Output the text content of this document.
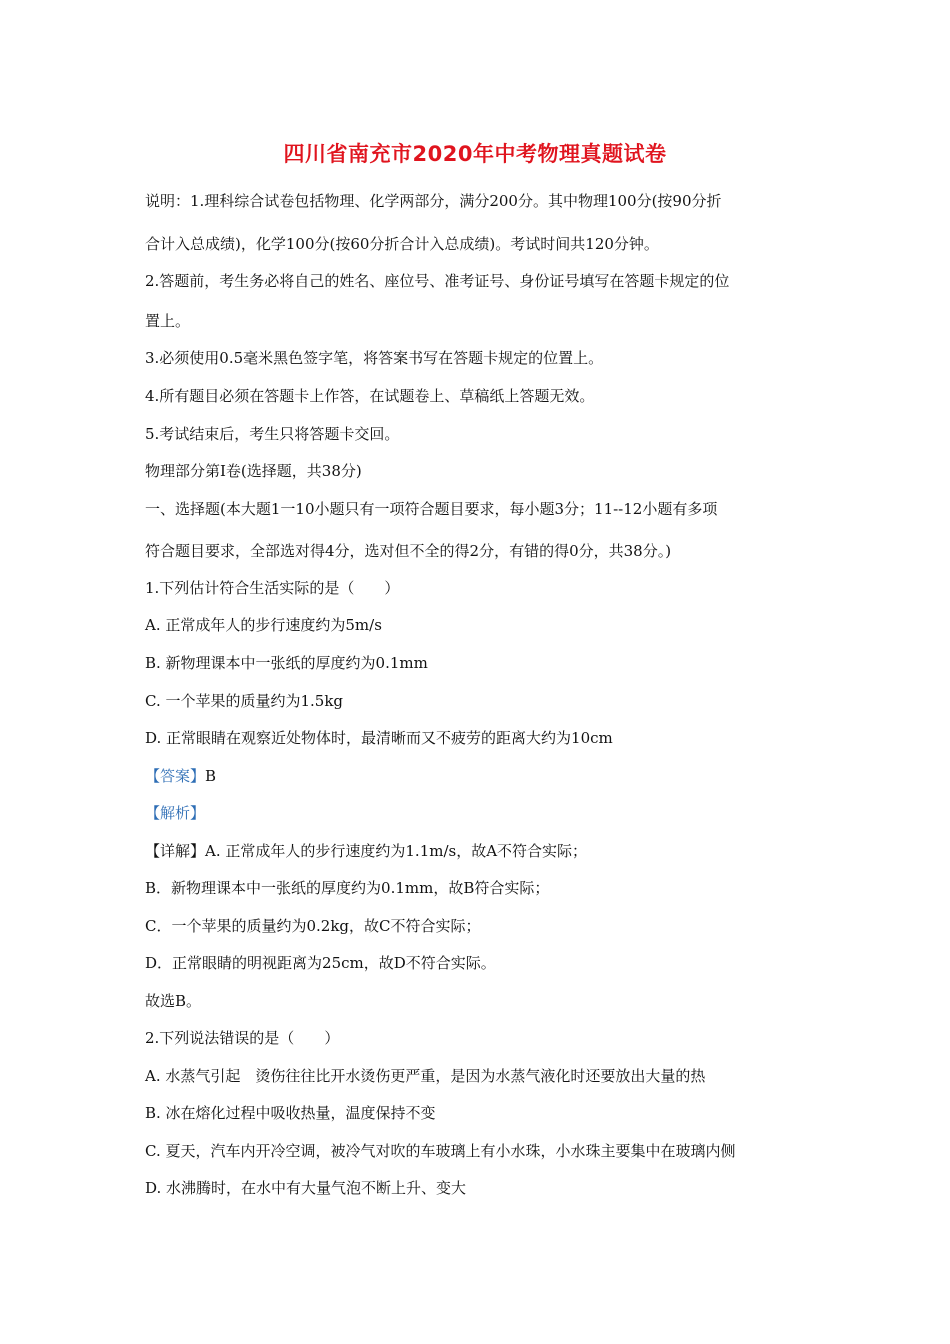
四川省南充市2020年中考物理真题试卷
说明：1.理科综合试卷包括物理、化学两部分，满分200分。其中物理100分(按90分折
合计入总成绩)，化学100分(按60分折合计入总成绩)。考试时间共120分钟。
2.答题前，考生务必将自己的姓名、座位号、准考证号、身份证号填写在答题卡规定的位
置上。
3.必须使用0.5毫米黑色签字笔，将答案书写在答题卡规定的位置上。
4.所有题目必须在答题卡上作答，在试题卷上、草稿纸上答题无效。
5.考试结束后，考生只将答题卡交回。
物理部分第Ⅰ卷(选择题，共38分)
一、选择题(本大题1一10小题只有一项符合题目要求，每小题3分；11--12小题有多项
符合题目要求，全部选对得4分，选对但不全的得2分，有错的得0分，共38分。)
1.下列估计符合生活实际的是（　　）
A. 正常成年人的步行速度约为5m/s
B. 新物理课本中一张纸的厚度约为0.1mm
C. 一个苹果的质量约为1.5kg
D. 正常眼睛在观察近处物体时，最清晰而又不疲劳的距离大约为10cm
【答案】B
【解析】
【详解】A. 正常成年人的步行速度约为1.1m/s，故A不符合实际；
B．新物理课本中一张纸的厚度约为0.1mm，故B符合实际；
C．一个苹果的质量约为0.2kg，故C不符合实际；
D．正常眼睛的明视距离为25cm，故D不符合实际。
故选B。
2.下列说法错误的是（　　）
A. 水蒸气引起　烫伤往往比开水烫伤更严重，是因为水蒸气液化时还要放出大量的热
B. 冰在熔化过程中吸收热量，温度保持不变
C. 夏天，汽车内开冷空调，被冷气对吹的车玻璃上有小水珠，小水珠主要集中在玻璃内侧
D. 水沸腾时，在水中有大量气泡不断上升、变大
